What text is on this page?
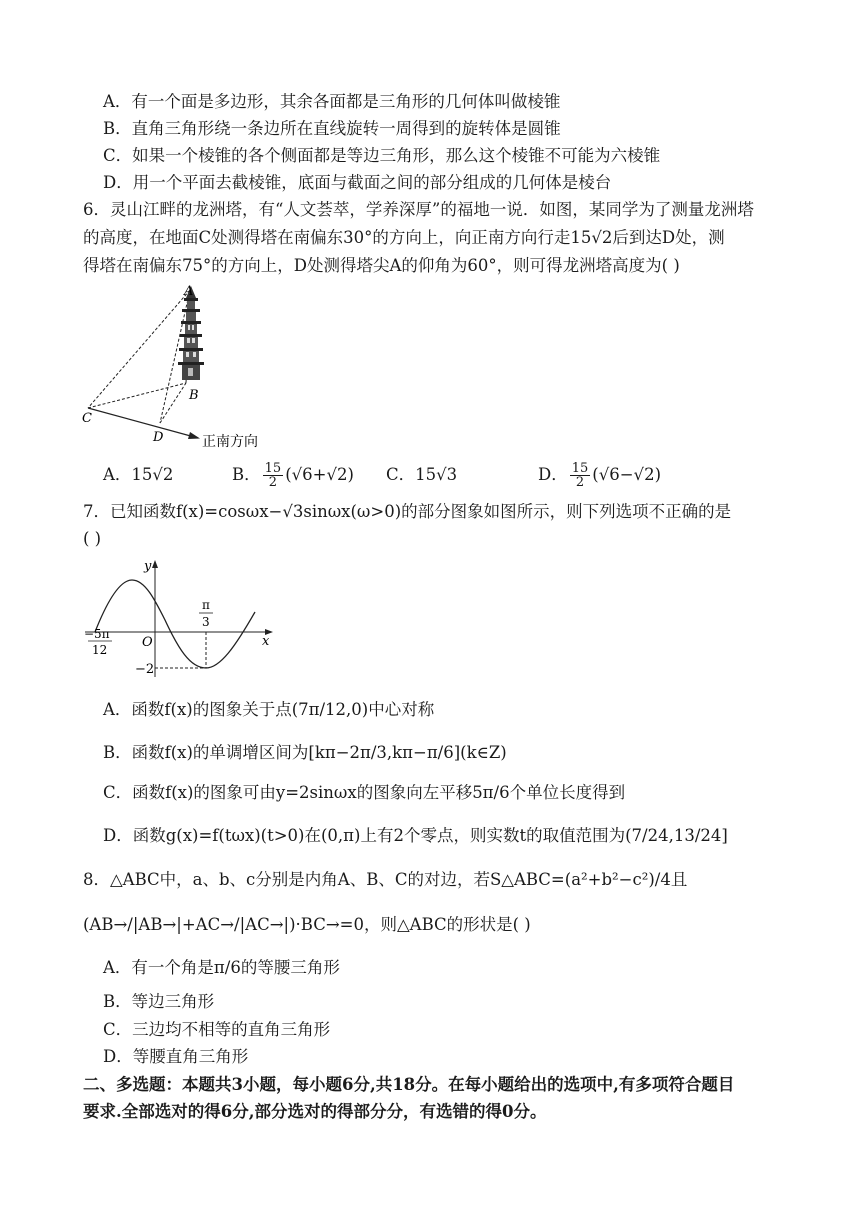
A．有一个面是多边形，其余各面都是三角形的几何体叫做棱锥
B．直角三角形绕一条边所在直线旋转一周得到的旋转体是圆锥
C．如果一个棱锥的各个侧面都是等边三角形，那么这个棱锥不可能为六棱锥
D．用一个平面去截棱锥，底面与截面之间的部分组成的几何体是棱台
6．灵山江畔的龙洲塔，有“人文荟萃，学养深厚”的福地一说．如图，某同学为了测量龙洲塔
的高度，在地面C处测得塔在南偏东30°的方向上，向正南方向行走15√2后到达D处，测
得塔在南偏东75°的方向上，D处测得塔尖A的仰角为60°，则可得龙洲塔高度为( )
A
B
C
D	正南方向
A．15√2	B． $\frac{15}{2} (√6+√2)$ C．15√3	D． $\frac{15}{2} (√6-√2)$
7．已知函数f(x)=cosωx−√3sinωx(ω>0)的部分图象如图所示，则下列选项不正确的是
( )
y
x
O
π
3
−5π
12
−2
A．函数f(x)的图象关于点(7π/12,0)中心对称
B．函数f(x)的单调增区间为[kπ−2π/3,kπ−π/6](k∈Z)
C．函数f(x)的图象可由y=2sinωx的图象向左平移5π/6个单位长度得到
D．函数g(x)=f(tωx)(t>0)在(0,π)上有2个零点，则实数t的取值范围为(7/24,13/24]
8．△ABC中，a、b、c分别是内角A、B、C的对边，若S△ABC=(a²+b²−c²)/4且
(AB→/|AB→|+AC→/|AC→|)·BC→=0，则△ABC的形状是( )
A．有一个角是π/6的等腰三角形
B．等边三角形
C．三边均不相等的直角三角形
D．等腰直角三角形
二、多选题：本题共3小题，每小题6分,共18分。在每小题给出的选项中,有多项符合题目
要求.全部选对的得6分,部分选对的得部分分，有选错的得0分。
